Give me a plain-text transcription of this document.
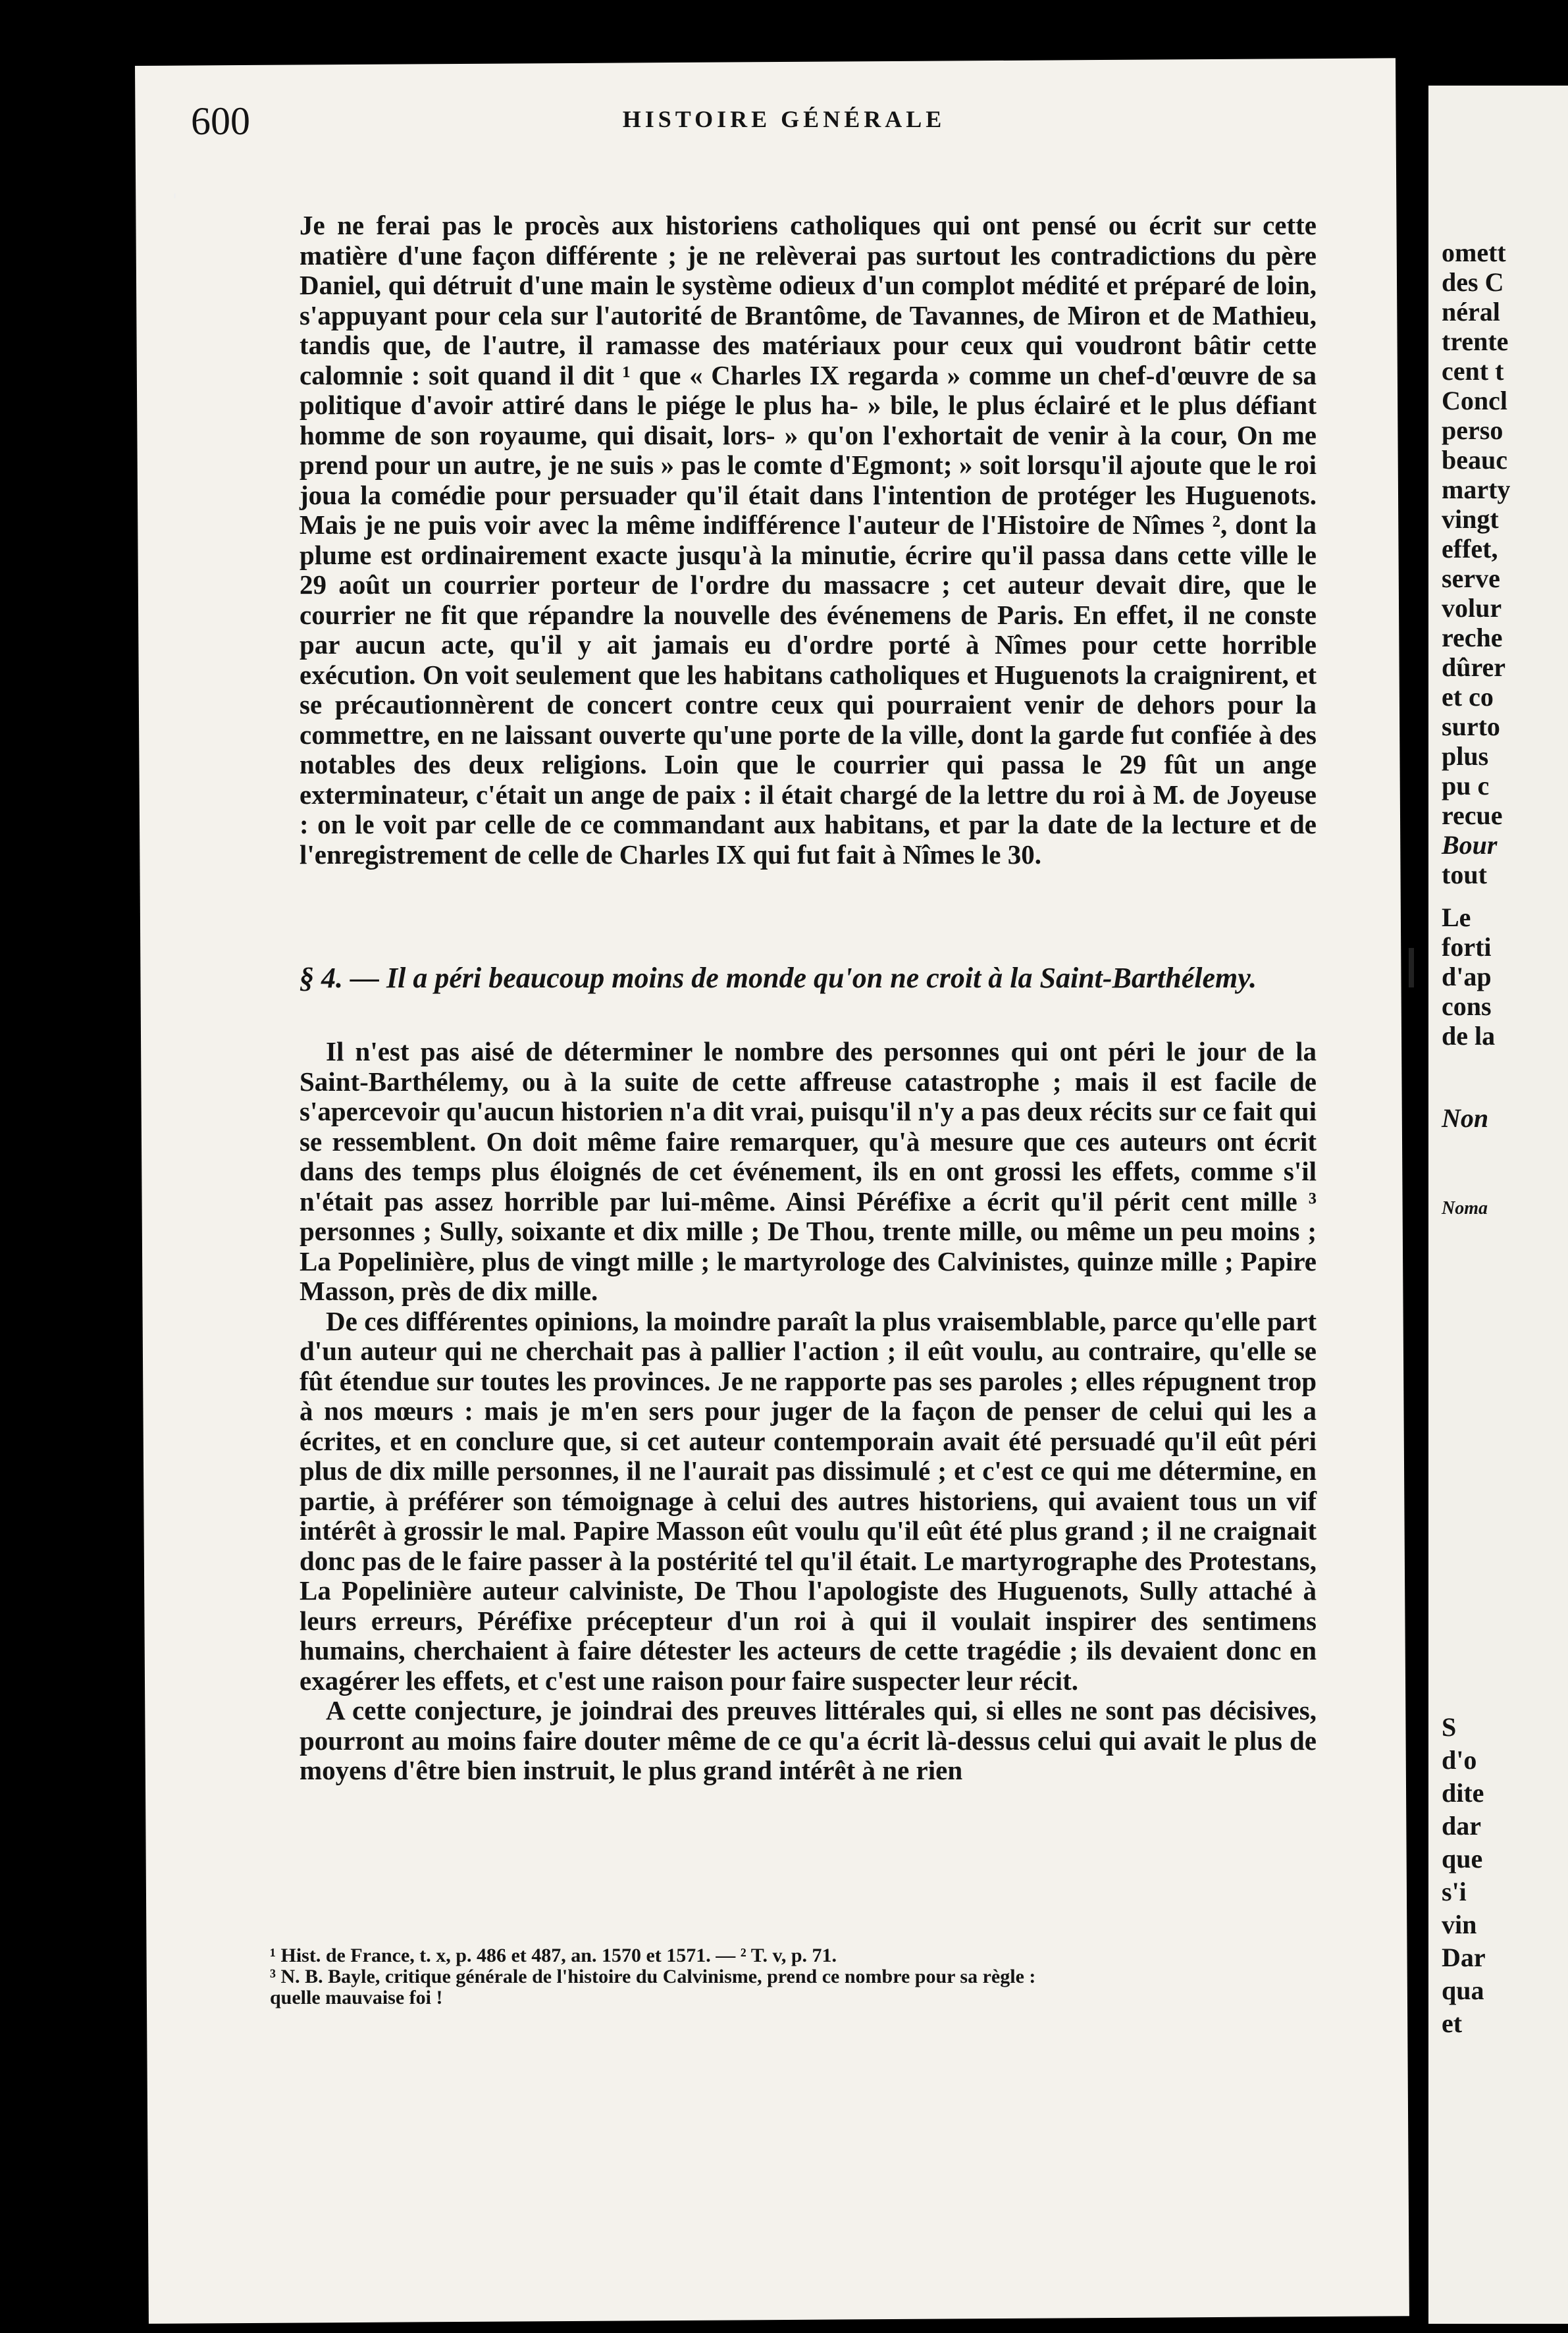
'
600	HISTOIRE GÉNÉRALE

Je ne ferai pas le procès aux historiens catholiques qui ont pensé ou écrit sur cette matière d'une façon différente ; je ne relèverai pas surtout les contradictions du père Daniel, qui détruit d'une main le système odieux d'un complot médité et préparé de loin, s'appuyant pour cela sur l'autorité de Brantôme, de Tavannes, de Miron et de Mathieu, tandis que, de l'autre, il ramasse des matériaux pour ceux qui voudront bâtir cette calomnie : soit quand il dit ¹ que « Charles IX regarda » comme un chef-d'œuvre de sa politique d'avoir attiré dans le piége le plus ha- » bile, le plus éclairé et le plus défiant homme de son royaume, qui disait, lors- » qu'on l'exhortait de venir à la cour, On me prend pour un autre, je ne suis » pas le comte d'Egmont; » soit lorsqu'il ajoute que le roi joua la comédie pour persuader qu'il était dans l'intention de protéger les Huguenots. Mais je ne puis voir avec la même indifférence l'auteur de l'Histoire de Nîmes ², dont la plume est ordinairement exacte jusqu'à la minutie, écrire qu'il passa dans cette ville le 29 août un courrier porteur de l'ordre du massacre ; cet auteur devait dire, que le courrier ne fit que répandre la nouvelle des événemens de Paris. En effet, il ne conste par aucun acte, qu'il y ait jamais eu d'ordre porté à Nîmes pour cette horrible exécution. On voit seulement que les habitans catholiques et Huguenots la craignirent, et se précautionnèrent de concert contre ceux qui pourraient venir de dehors pour la commettre, en ne laissant ouverte qu'une porte de la ville, dont la garde fut confiée à des notables des deux religions. Loin que le courrier qui passa le 29 fût un ange exterminateur, c'était un ange de paix : il était chargé de la lettre du roi à M. de Joyeuse : on le voit par celle de ce commandant aux habitans, et par la date de la lecture et de l'enregistrement de celle de Charles IX qui fut fait à Nîmes le 30.

§ 4. — Il a péri beaucoup moins de monde qu'on ne croit à la Saint-Barthélemy.

Il n'est pas aisé de déterminer le nombre des personnes qui ont péri le jour de la Saint-Barthélemy, ou à la suite de cette affreuse catastrophe ; mais il est facile de s'apercevoir qu'aucun historien n'a dit vrai, puisqu'il n'y a pas deux récits sur ce fait qui se ressemblent. On doit même faire remarquer, qu'à mesure que ces auteurs ont écrit dans des temps plus éloignés de cet événement, ils en ont grossi les effets, comme s'il n'était pas assez horrible par lui-même. Ainsi Péréfixe a écrit qu'il périt cent mille ³ personnes ; Sully, soixante et dix mille ; De Thou, trente mille, ou même un peu moins ; La Popelinière, plus de vingt mille ; le martyrologe des Calvinistes, quinze mille ; Papire Masson, près de dix mille.

De ces différentes opinions, la moindre paraît la plus vraisemblable, parce qu'elle part d'un auteur qui ne cherchait pas à pallier l'action ; il eût voulu, au contraire, qu'elle se fût étendue sur toutes les provinces. Je ne rapporte pas ses paroles ; elles répugnent trop à nos mœurs : mais je m'en sers pour juger de la façon de penser de celui qui les a écrites, et en conclure que, si cet auteur contemporain avait été persuadé qu'il eût péri plus de dix mille personnes, il ne l'aurait pas dissimulé ; et c'est ce qui me détermine, en partie, à préférer son témoignage à celui des autres historiens, qui avaient tous un vif intérêt à grossir le mal. Papire Masson eût voulu qu'il eût été plus grand ; il ne craignait donc pas de le faire passer à la postérité tel qu'il était. Le martyrographe des Protestans, La Popelinière auteur calviniste, De Thou l'apologiste des Huguenots, Sully attaché à leurs erreurs, Péréfixe précepteur d'un roi à qui il voulait inspirer des sentimens humains, cherchaient à faire détester les acteurs de cette tragédie ; ils devaient donc en exagérer les effets, et c'est une raison pour faire suspecter leur récit.

A cette conjecture, je joindrai des preuves littérales qui, si elles ne sont pas décisives, pourront au moins faire douter même de ce qu'a écrit là-dessus celui qui avait le plus de moyens d'être bien instruit, le plus grand intérêt à ne rien

¹ Hist. de France, t. x, p. 486 et 487, an. 1570 et 1571. — ² T. v, p. 71.
³ N. B. Bayle, critique générale de l'histoire du Calvinisme, prend ce nombre pour sa règle :
quelle mauvaise foi !
omett
des C
néral
trente
cent t
Concl
perso
beauc
marty
vingt
effet,
serve
volur
reche
dûrer
et co
surto
plus
pu c
recue
Bour
tout
Le
forti
d'ap
cons
de la
Non
Noma
S
d'o
dite
dar
que
s'i
vin
Dar
qua
et
